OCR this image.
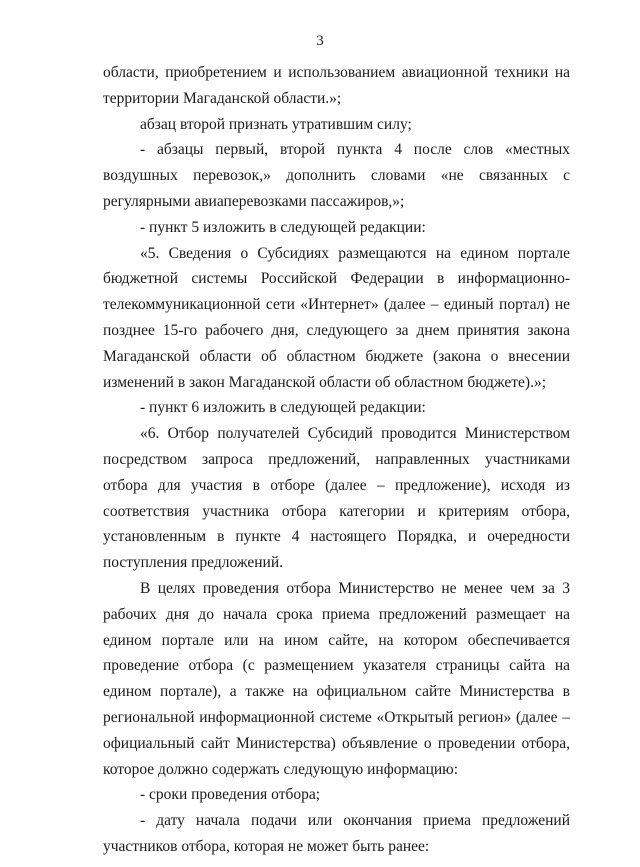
3

области, приобретением и использованием авиационной техники на территории Магаданской области.»;

абзац второй признать утратившим силу;

- абзацы первый, второй пункта 4 после слов «местных воздушных перевозок,» дополнить словами «не связанных с регулярными авиаперевозками пассажиров,»;

- пункт 5 изложить в следующей редакции:

«5. Сведения о Субсидиях размещаются на едином портале бюджетной системы Российской Федерации в информационно-телекоммуникационной сети «Интернет» (далее – единый портал) не позднее 15-го рабочего дня, следующего за днем принятия закона Магаданской области об областном бюджете (закона о внесении изменений в закон Магаданской области об областном бюджете).»;

- пункт 6 изложить в следующей редакции:

«6. Отбор получателей Субсидий проводится Министерством посредством запроса предложений, направленных участниками отбора для участия в отборе (далее – предложение), исходя из соответствия участника отбора категории и критериям отбора, установленным в пункте 4 настоящего Порядка, и очередности поступления предложений.

В целях проведения отбора Министерство не менее чем за 3 рабочих дня до начала срока приема предложений размещает на едином портале или на ином сайте, на котором обеспечивается проведение отбора (с размещением указателя страницы сайта на едином портале), а также на официальном сайте Министерства в региональной информационной системе «Открытый регион» (далее – официальный сайт Министерства) объявление о проведении отбора, которое должно содержать следующую информацию:

- сроки проведения отбора;

- дату начала подачи или окончания приема предложений участников отбора, которая не может быть ранее:
